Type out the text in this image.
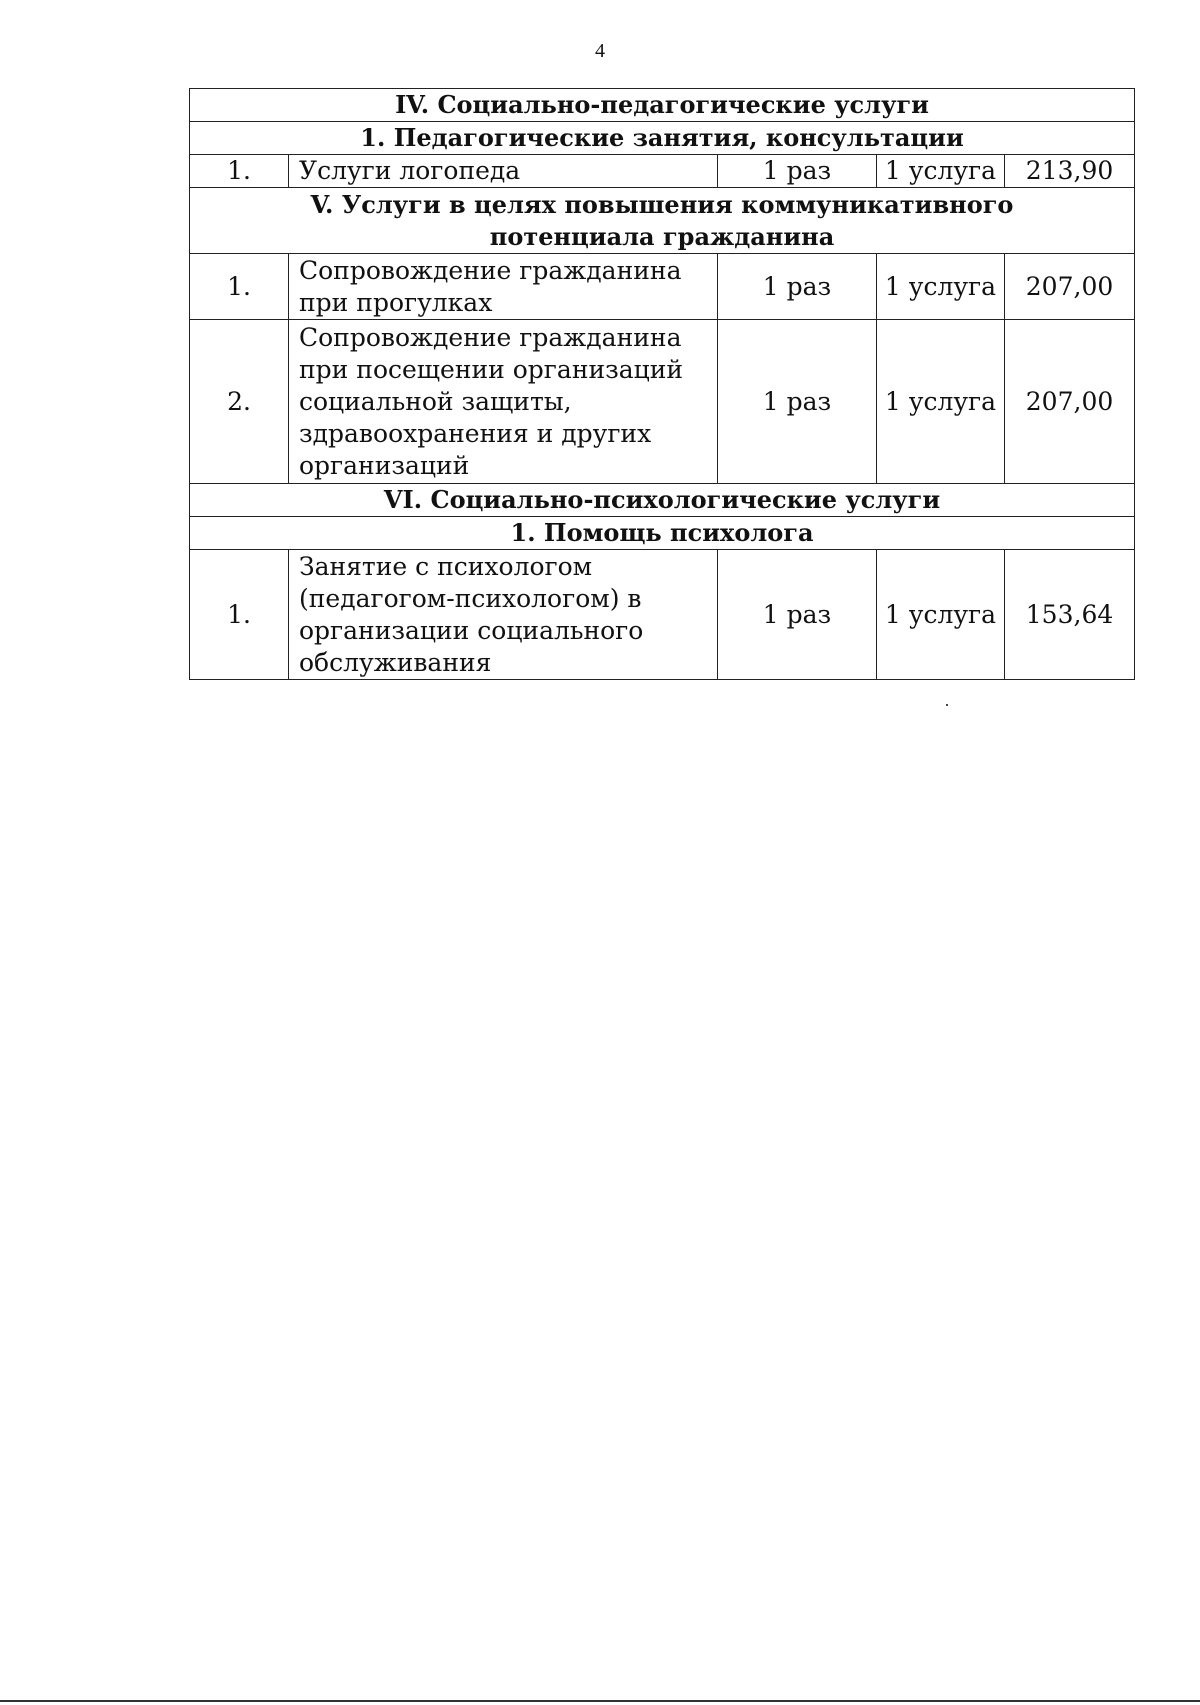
4
IV. Социально-педагогические услуги				
1. Педагогические занятия, консультации				
1.	Услуги логопеда	1 раз	1 услуга	213,90
V. Услуги в целях повышения коммуникативного потенциала гражданина				
1.	Сопровождение гражданина при прогулках	1 раз	1 услуга	207,00
2.	Сопровождение гражданина при посещении организаций социальной защиты, здравоохранения и других организаций	1 раз	1 услуга	207,00
VI. Социально-психологические услуги				
1. Помощь психолога				
1.	Занятие с психологом (педагогом-психологом) в организации социального обслуживания	1 раз	1 услуга	153,64
